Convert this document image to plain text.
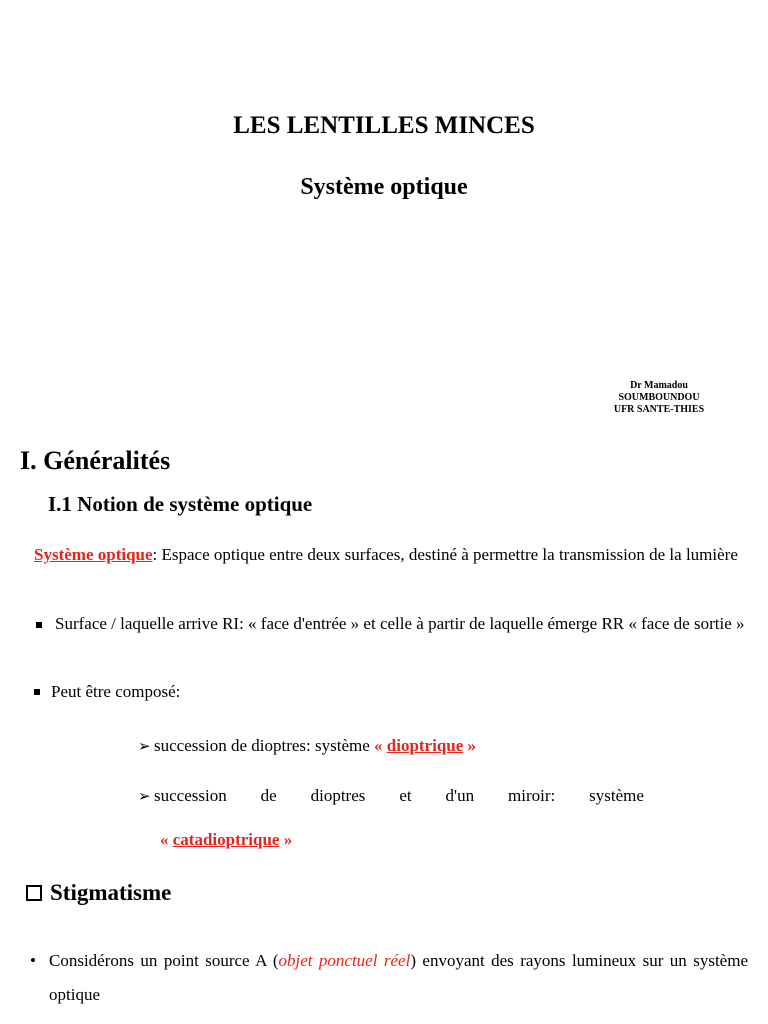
LES LENTILLES MINCES
Système optique
Dr Mamadou
SOUMBOUNDOU
UFR SANTE-THIES
I. Généralités
I.1 Notion de système optique
Système optique: Espace optique entre deux surfaces, destiné à permettre la transmission de la lumière
Surface / laquelle arrive RI: « face d'entrée » et celle à partir de laquelle émerge RR « face de sortie »
Peut être composé:
➢ succession de dioptres: système « dioptrique »
➢ succession de dioptres et d'un miroir: système
« catadioptrique »
Stigmatisme
• Considérons un point source A (objet ponctuel réel) envoyant des rayons lumineux sur un système optique
